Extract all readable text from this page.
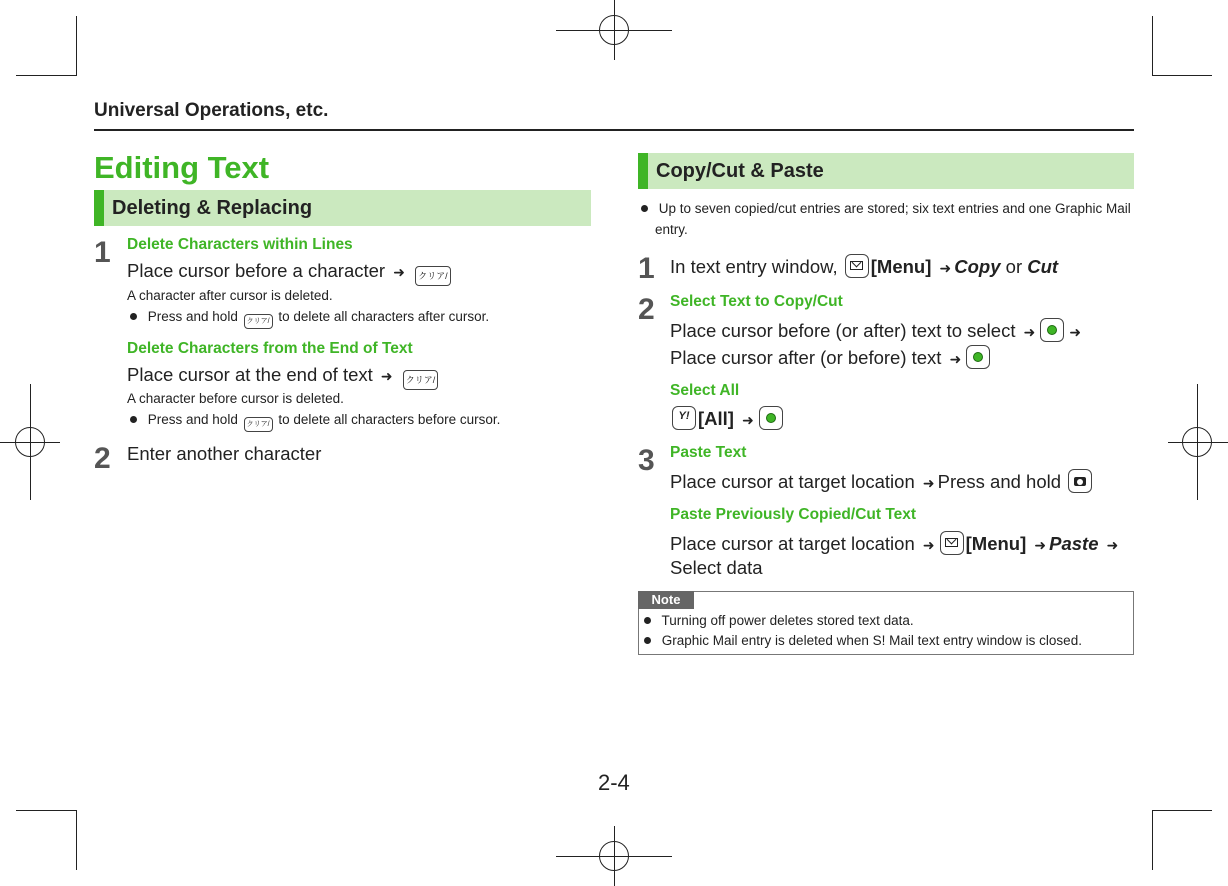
Universal Operations, etc.
Editing Text
Deleting & Replacing
1 Delete Characters within Lines
Place cursor before a character ➜ クリア/
A character after cursor is deleted.
Press and hold クリア/ to delete all characters after cursor.
Delete Characters from the End of Text
Place cursor at the end of text ➜ クリア/
A character before cursor is deleted.
Press and hold クリア/ to delete all characters before cursor.
2 Enter another character
Copy/Cut & Paste
Up to seven copied/cut entries are stored; six text entries and one Graphic Mail
entry.
1 In text entry window, [Menu] ➜ Copy or Cut
2 Select Text to Copy/Cut
Place cursor before (or after) text to select ➜ ➜
Place cursor after (or before) text ➜
Select All
Y! [All] ➜
3 Paste Text
Place cursor at target location ➜ Press and hold
Paste Previously Copied/Cut Text
Place cursor at target location ➜ [Menu] ➜ Paste ➜
Select data
Note
Turning off power deletes stored text data.
Graphic Mail entry is deleted when S! Mail text entry window is closed.
2-4
